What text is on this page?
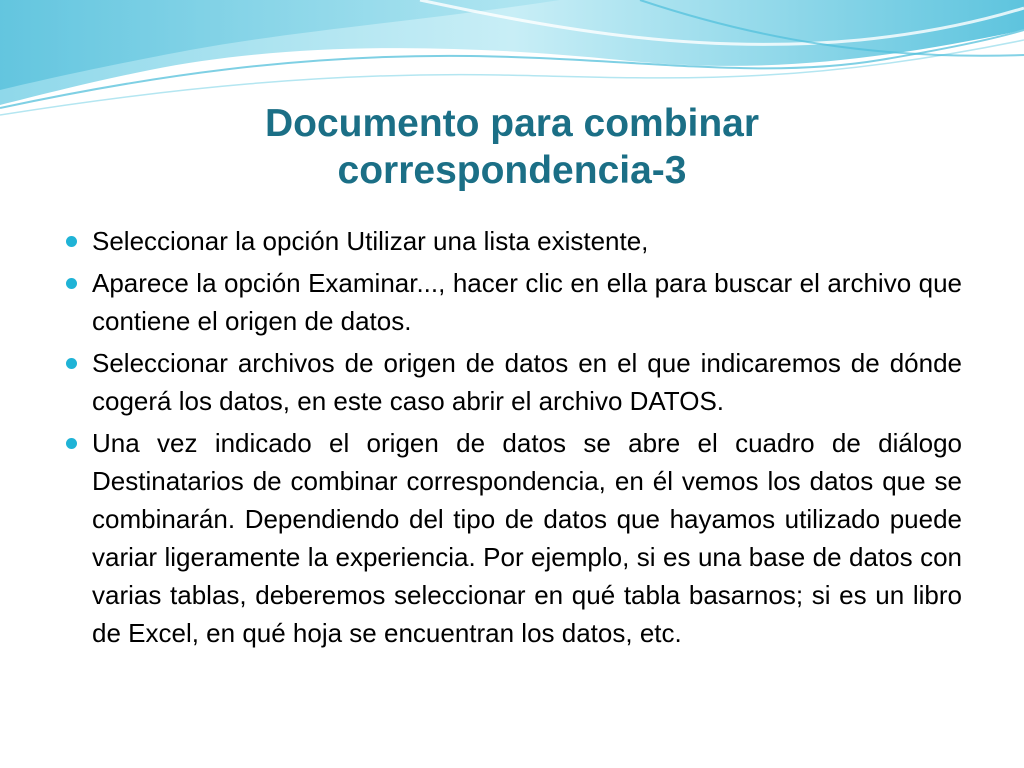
Documento para combinar
correspondencia-3
Seleccionar la opción Utilizar una lista existente,
Aparece la opción Examinar..., hacer clic en ella para buscar el archivo que contiene el origen de datos.
Seleccionar archivos de origen de datos en el que indicaremos de dónde cogerá los datos, en este caso abrir el archivo DATOS.
Una vez indicado el origen de datos se abre el cuadro de diálogo Destinatarios de combinar correspondencia, en él vemos los datos que se combinarán. Dependiendo del tipo de datos que hayamos utilizado puede variar ligeramente la experiencia. Por ejemplo, si es una base de datos con varias tablas, deberemos seleccionar en qué tabla basarnos; si es un libro de Excel, en qué hoja se encuentran los datos, etc.
